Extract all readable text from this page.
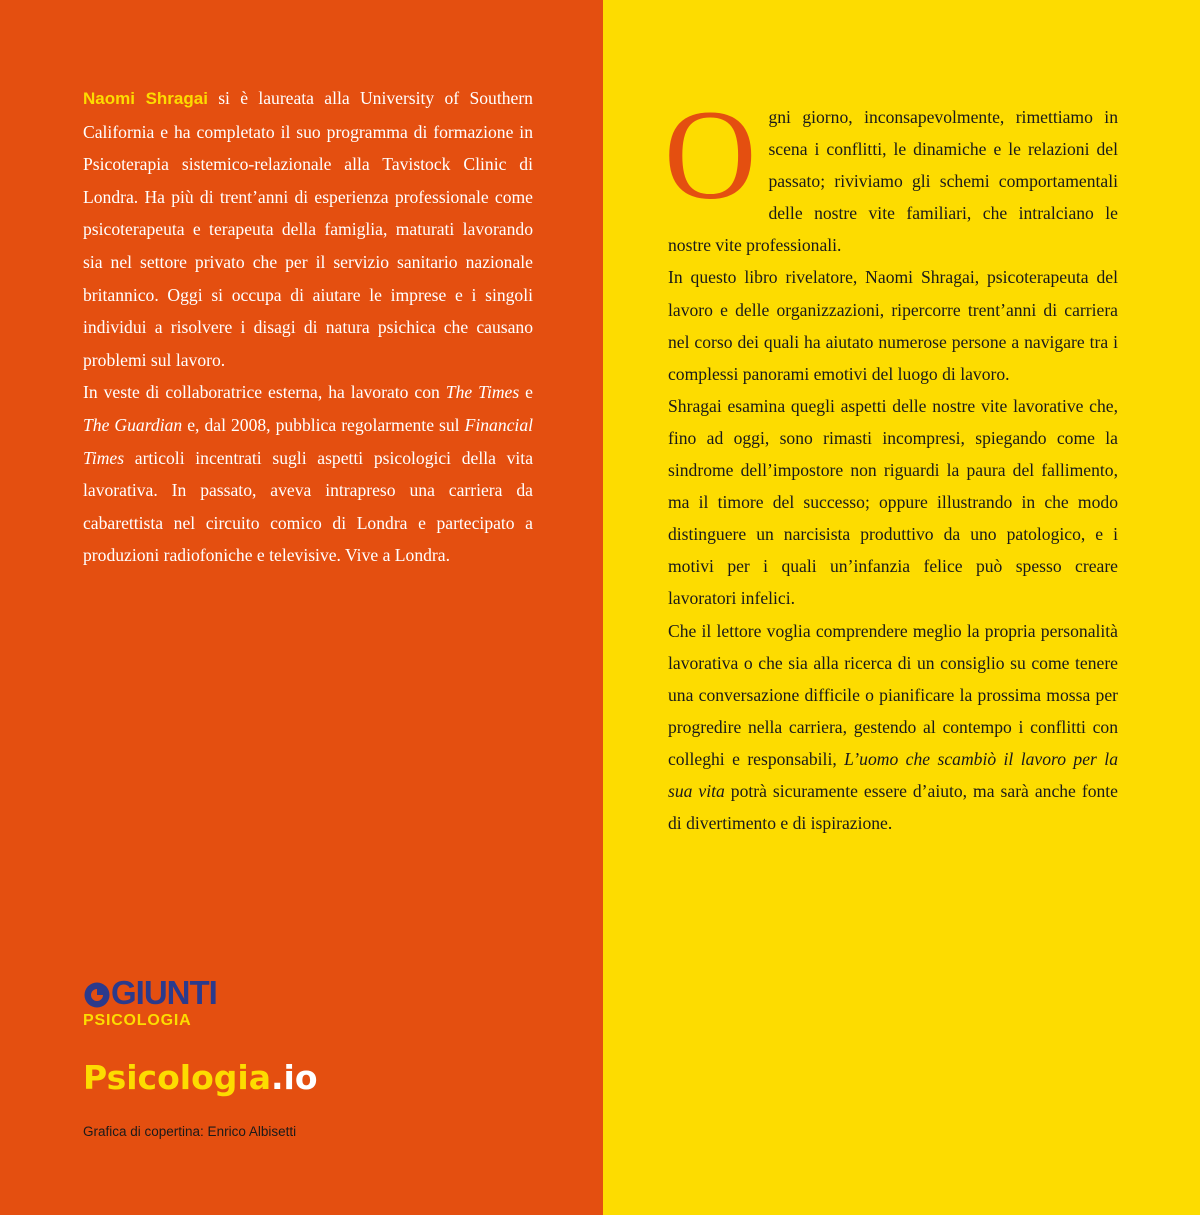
Naomi Shragai si è laureata alla University of Southern California e ha completato il suo programma di formazione in Psicoterapia sistemico-relazionale alla Tavistock Clinic di Londra. Ha più di trent’anni di esperienza professionale come psicoterapeuta e terapeuta della famiglia, maturati lavorando sia nel settore privato che per il servizio sanitario nazionale britannico. Oggi si occupa di aiutare le imprese e i singoli individui a risolvere i disagi di natura psichica che causano problemi sul lavoro.

In veste di collaboratrice esterna, ha lavorato con The Times e The Guardian e, dal 2008, pubblica regolarmente sul Financial Times articoli incentrati sugli aspetti psicologici della vita lavorativa. In passato, aveva intrapreso una carriera da cabarettista nel circuito comico di Londra e partecipato a produzioni radiofoniche e televisive. Vive a Londra.

O gni giorno, inconsapevolmente, rimettiamo in scena i conflitti, le dinamiche e le relazioni del passato; riviviamo gli schemi comportamentali delle nostre vite familiari, che intralciano le nostre vite professionali.

In questo libro rivelatore, Naomi Shragai, psicoterapeuta del lavoro e delle organizzazioni, ripercorre trent’anni di carriera nel corso dei quali ha aiutato numerose persone a navigare tra i complessi panorami emotivi del luogo di lavoro.

Shragai esamina quegli aspetti delle nostre vite lavorative che, fino ad oggi, sono rimasti incompresi, spiegando come la sindrome dell’impostore non riguardi la paura del fallimento, ma il timore del successo; oppure illustrando in che modo distinguere un narcisista produttivo da uno patologico, e i motivi per i quali un’infanzia felice può spesso creare lavoratori infelici.

Che il lettore voglia comprendere meglio la propria personalità lavorativa o che sia alla ricerca di un consiglio su come tenere una conversazione difficile o pianificare la prossima mossa per progredire nella carriera, gestendo al contempo i conflitti con colleghi e responsabili, L’uomo che scambiò il lavoro per la sua vita potrà sicuramente essere d’aiuto, ma sarà anche fonte di divertimento e di ispirazione.

GIUNTI
PSICOLOGIA
Psicologia.io
Grafica di copertina: Enrico Albisetti
